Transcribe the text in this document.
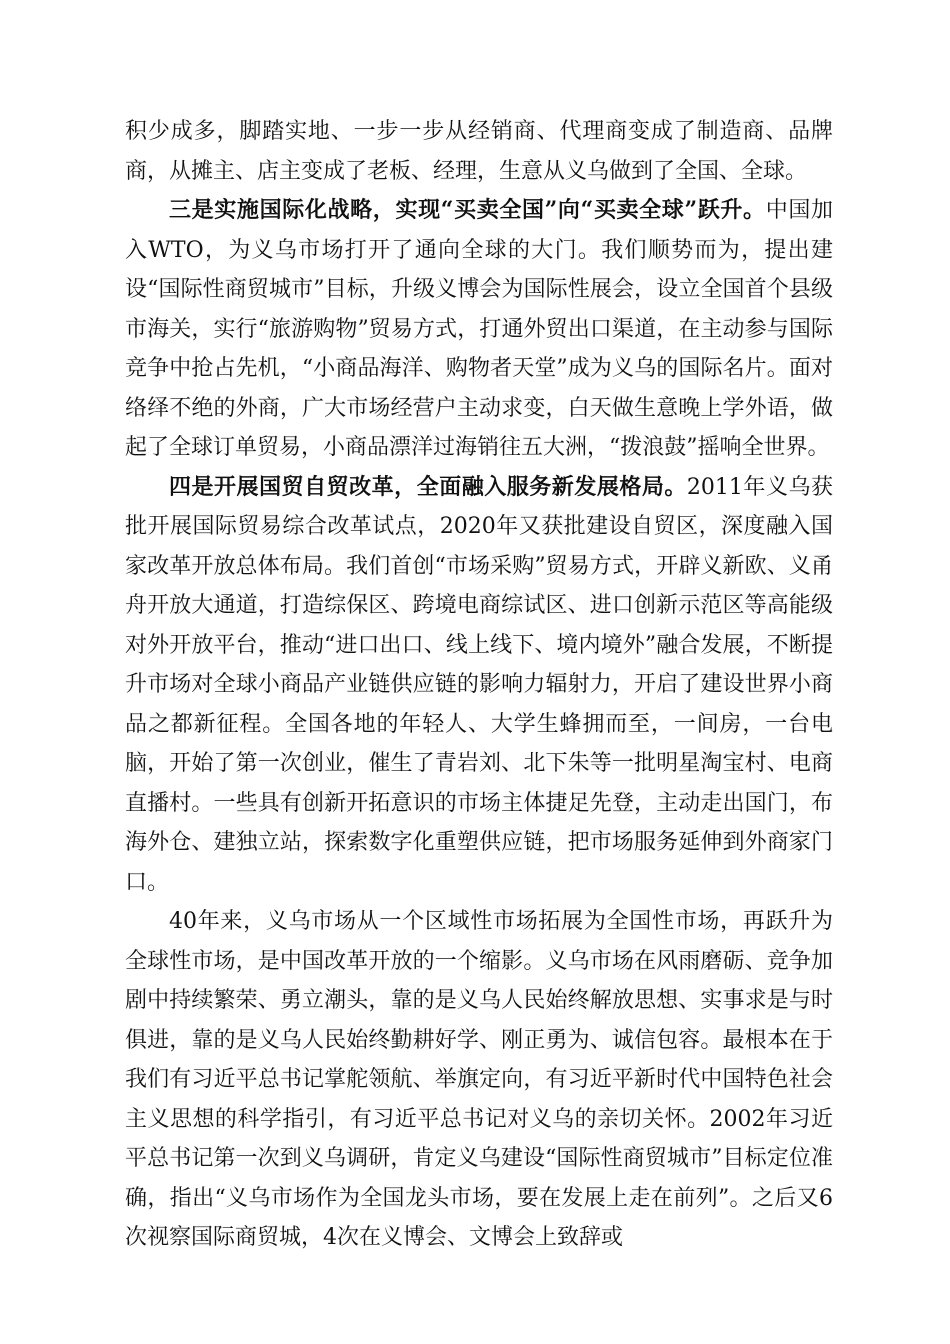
积少成多，脚踏实地、一步一步从经销商、代理商变成了制造商、品牌商，从摊主、店主变成了老板、经理，生意从义乌做到了全国、全球。

三是实施国际化战略，实现“买卖全国”向“买卖全球”跃升。中国加入WTO，为义乌市场打开了通向全球的大门。我们顺势而为，提出建设“国际性商贸城市”目标，升级义博会为国际性展会，设立全国首个县级市海关，实行“旅游购物”贸易方式，打通外贸出口渠道，在主动参与国际竞争中抢占先机，“小商品海洋、购物者天堂”成为义乌的国际名片。面对络绎不绝的外商，广大市场经营户主动求变，白天做生意晚上学外语，做起了全球订单贸易，小商品漂洋过海销往五大洲，“拨浪鼓”摇响全世界。

四是开展国贸自贸改革，全面融入服务新发展格局。2011年义乌获批开展国际贸易综合改革试点，2020年又获批建设自贸区，深度融入国家改革开放总体布局。我们首创“市场采购”贸易方式，开辟义新欧、义甬舟开放大通道，打造综保区、跨境电商综试区、进口创新示范区等高能级对外开放平台，推动“进口出口、线上线下、境内境外”融合发展，不断提升市场对全球小商品产业链供应链的影响力辐射力，开启了建设世界小商品之都新征程。全国各地的年轻人、大学生蜂拥而至，一间房，一台电脑，开始了第一次创业，催生了青岩刘、北下朱等一批明星淘宝村、电商直播村。一些具有创新开拓意识的市场主体捷足先登，主动走出国门，布海外仓、建独立站，探索数字化重塑供应链，把市场服务延伸到外商家门口。

40年来，义乌市场从一个区域性市场拓展为全国性市场，再跃升为全球性市场，是中国改革开放的一个缩影。义乌市场在风雨磨砺、竞争加剧中持续繁荣、勇立潮头，靠的是义乌人民始终解放思想、实事求是与时俱进，靠的是义乌人民始终勤耕好学、刚正勇为、诚信包容。最根本在于我们有习近平总书记掌舵领航、举旗定向，有习近平新时代中国特色社会主义思想的科学指引，有习近平总书记对义乌的亲切关怀。2002年习近平总书记第一次到义乌调研，肯定义乌建设“国际性商贸城市”目标定位准确，指出“义乌市场作为全国龙头市场，要在发展上走在前列”。之后又6次视察国际商贸城，4次在义博会、文博会上致辞或
